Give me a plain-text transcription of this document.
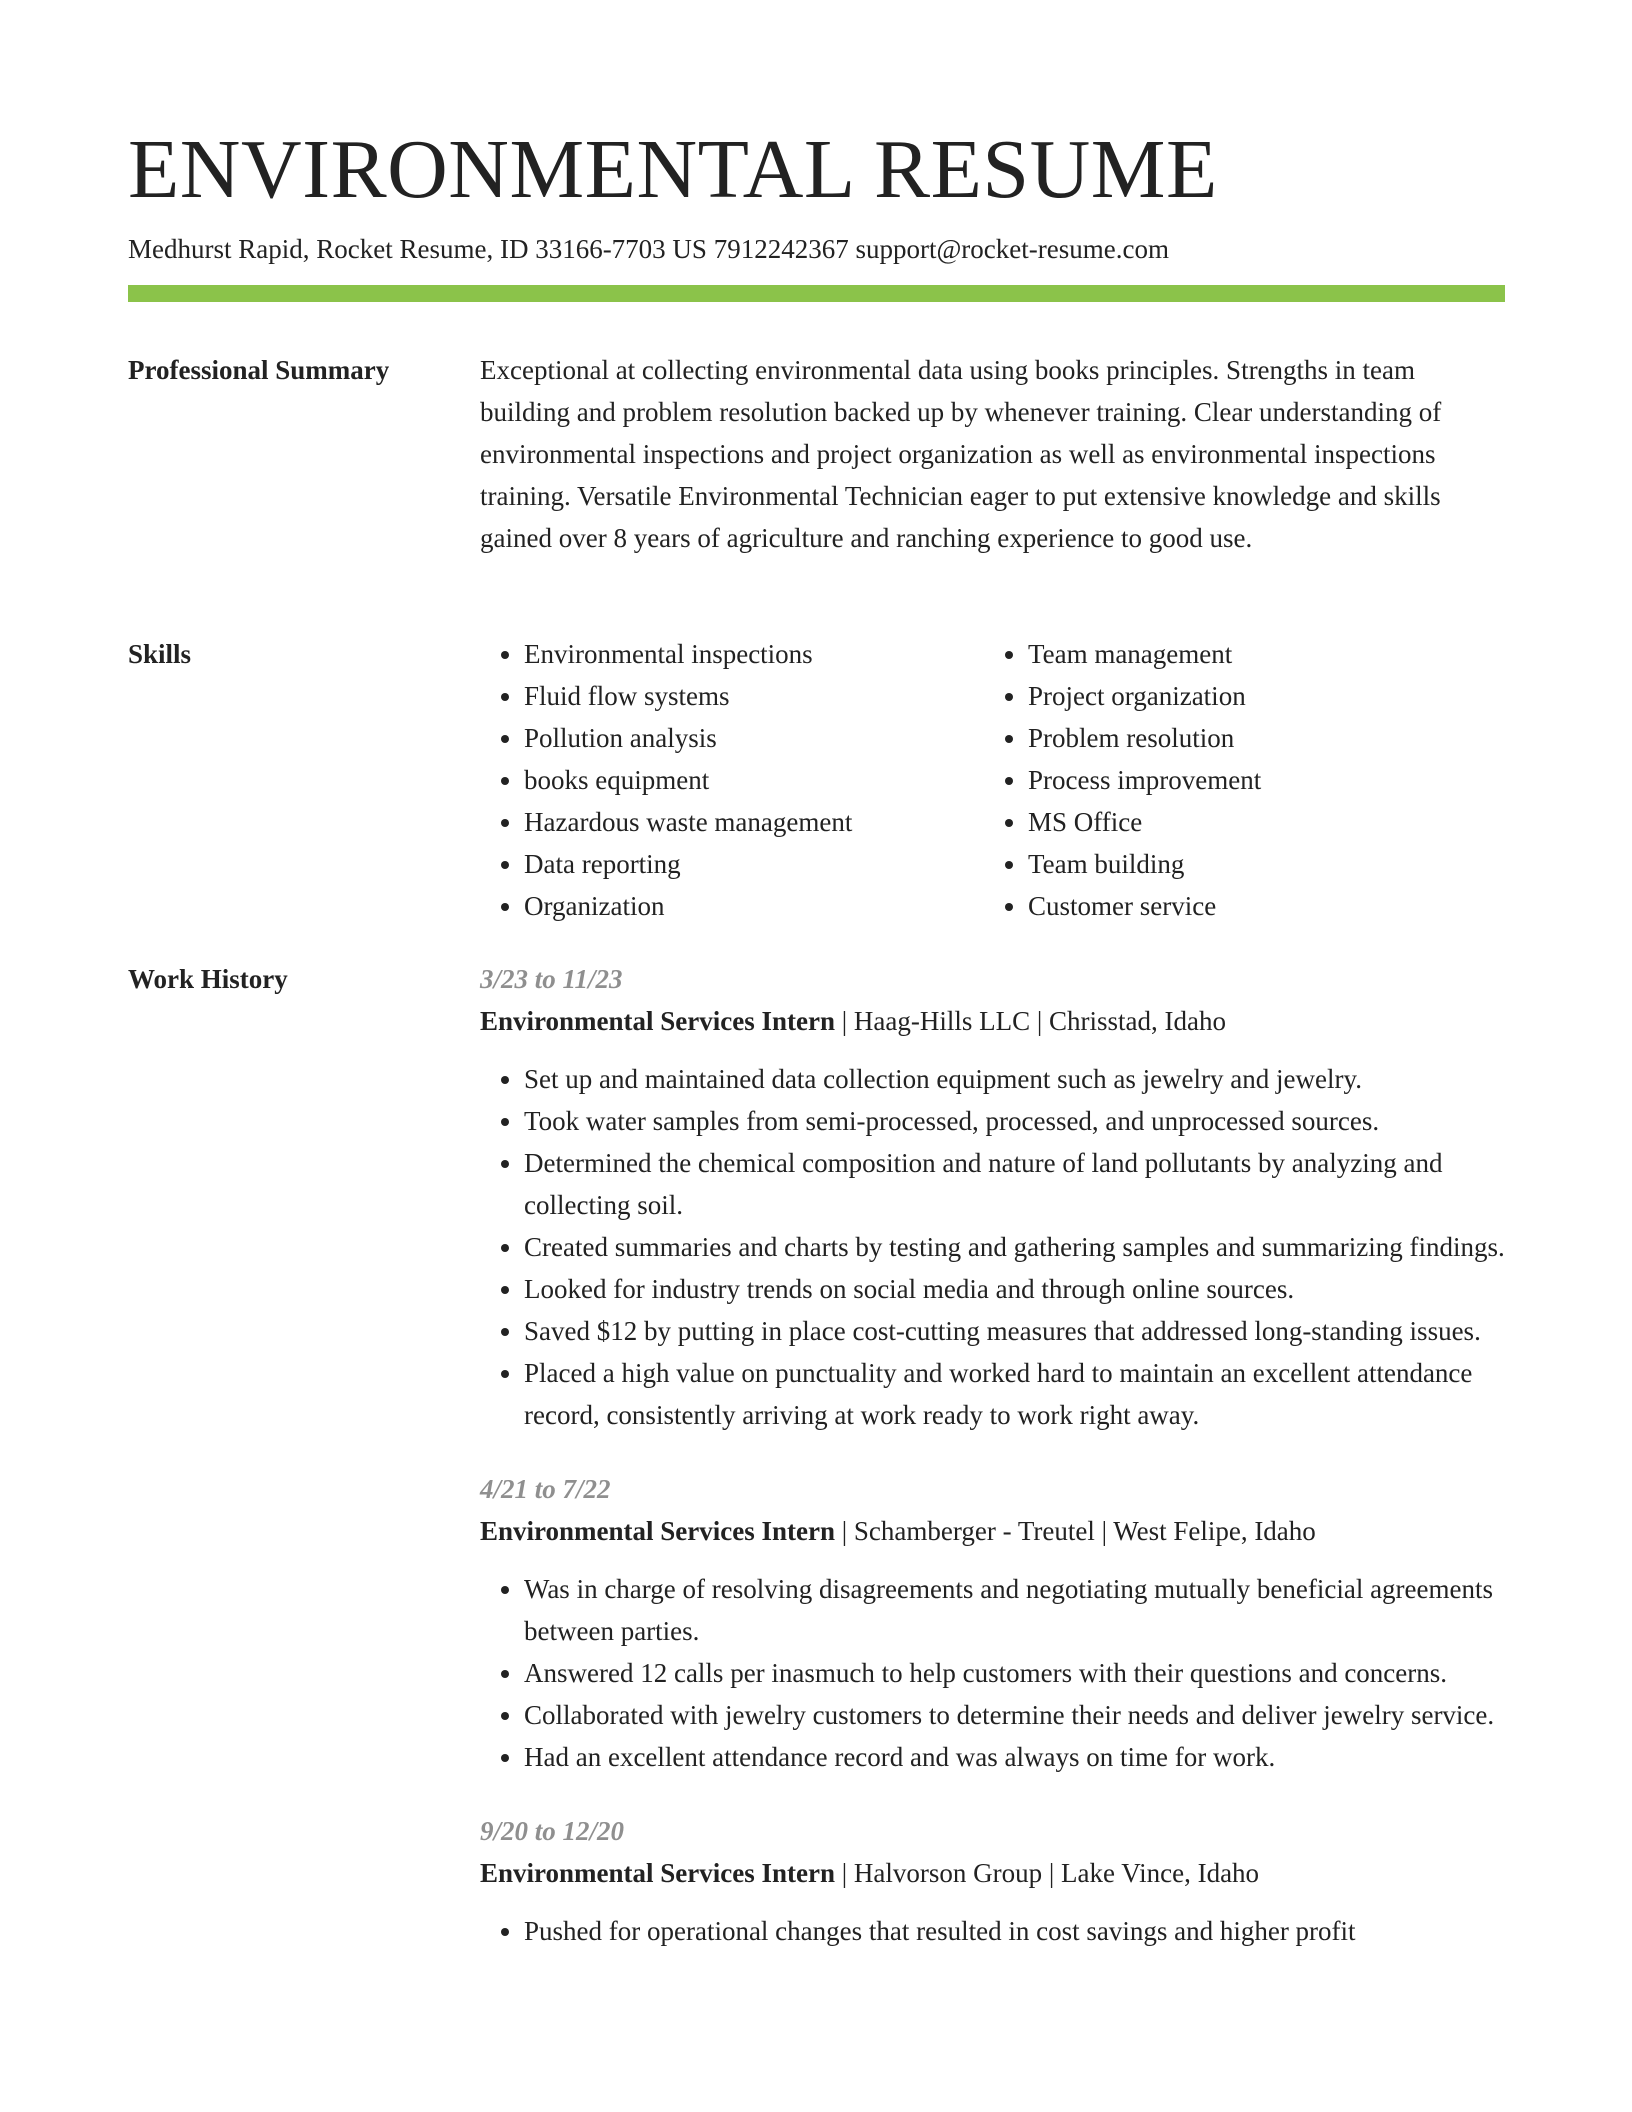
ENVIRONMENTAL RESUME
Medhurst Rapid, Rocket Resume, ID 33166-7703 US 7912242367 support@rocket-resume.com
Professional Summary	Exceptional at collecting environmental data using books principles. Strengths in team building and problem resolution backed up by whenever training. Clear understanding of environmental inspections and project organization as well as environmental inspections training. Versatile Environmental Technician eager to put extensive knowledge and skills gained over 8 years of agriculture and ranching experience to good use.

Skills
•	Environmental inspections
• Fluid flow systems
• Pollution analysis
• books equipment
• Hazardous waste management
• Data reporting
• Organization
• Team management
• Project organization
• Problem resolution
• Process improvement
• MS Office
• Team building
• Customer service
Work History	3/23 to 11/23
Environmental Services Intern | Haag-Hills LLC | Chrisstad, Idaho
• Set up and maintained data collection equipment such as jewelry and jewelry.
• Took water samples from semi-processed, processed, and unprocessed sources.
• Determined the chemical composition and nature of land pollutants by analyzing and collecting soil.
• Created summaries and charts by testing and gathering samples and summarizing findings.
• Looked for industry trends on social media and through online sources.
• Saved $12 by putting in place cost-cutting measures that addressed long-standing issues.
• Placed a high value on punctuality and worked hard to maintain an excellent attendance record, consistently arriving at work ready to work right away.
4/21 to 7/22
Environmental Services Intern | Schamberger - Treutel | West Felipe, Idaho
• Was in charge of resolving disagreements and negotiating mutually beneficial agreements between parties.
• Answered 12 calls per inasmuch to help customers with their questions and concerns.
• Collaborated with jewelry customers to determine their needs and deliver jewelry service.
• Had an excellent attendance record and was always on time for work.
9/20 to 12/20
Environmental Services Intern | Halvorson Group | Lake Vince, Idaho
• Pushed for operational changes that resulted in cost savings and higher profit
